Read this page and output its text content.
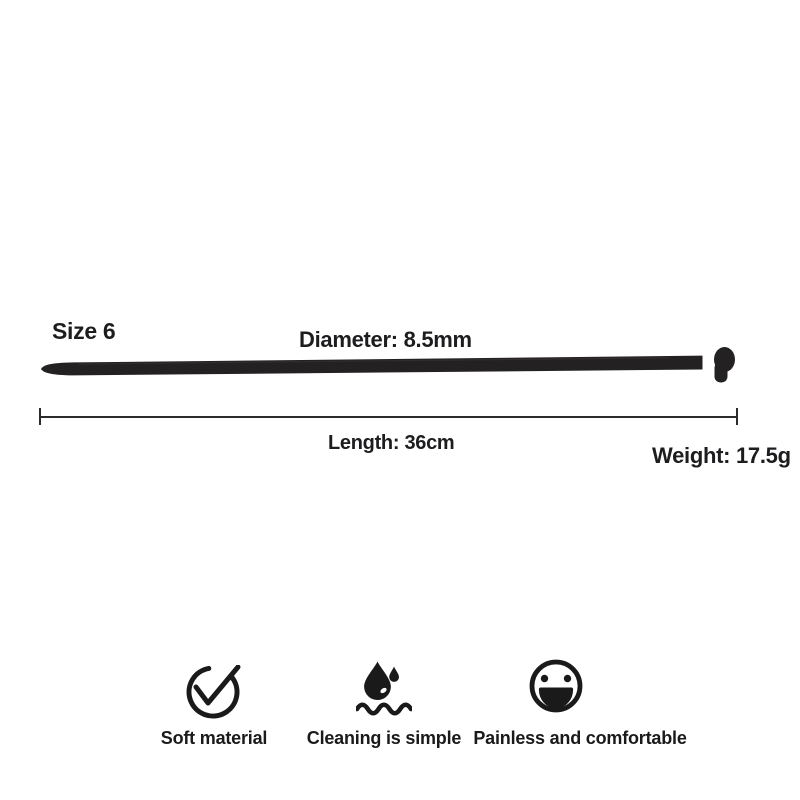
Size 6	Diameter: 8.5mm
Length: 36cm	Weight: 17.5g
Soft material Cleaning is simple Painless and comfortable
